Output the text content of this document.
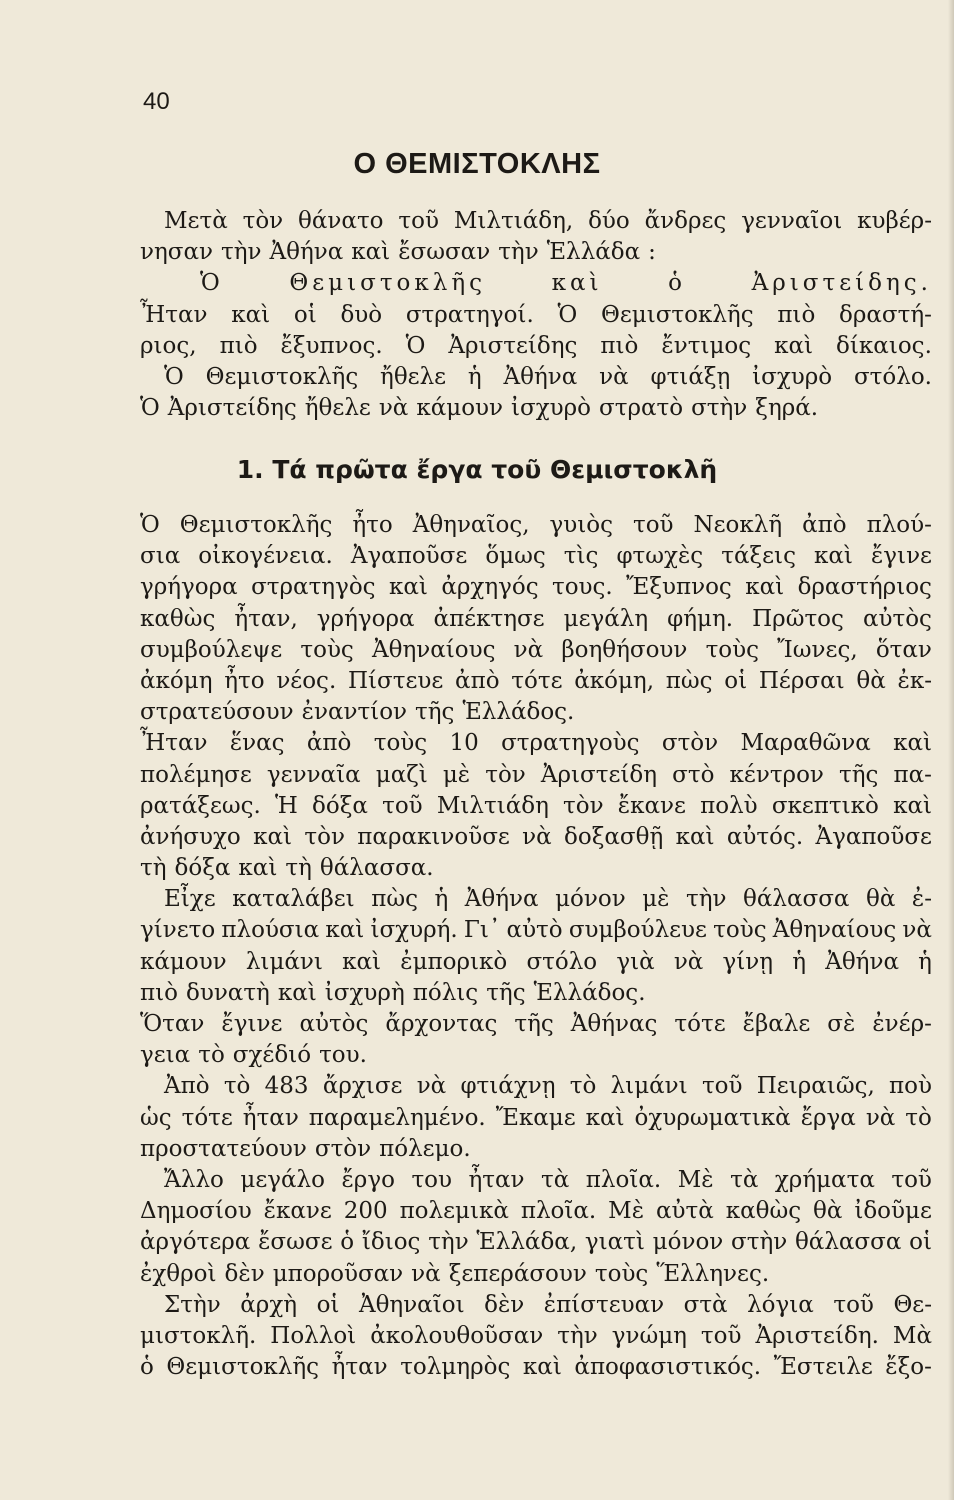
40
Ο ΘΕΜΙΣΤΟΚΛΗΣ
Μετὰ τὸν θάνατο τοῦ Μιλτιάδη, δύο ἄνδρες γενναῖοι κυβέρ-
νησαν τὴν Ἀθήνα καὶ ἔσωσαν τὴν Ἑλλάδα :
Ὁ	Θεμιστοκλῆς	καὶ	ὁ	Ἀριστείδης.
Ἦταν καὶ οἱ δυὸ στρατηγοί. Ὁ Θεμιστοκλῆς πιὸ δραστή-
ριος, πιὸ ἔξυπνος. Ὁ Ἀριστείδης πιὸ ἔντιμος καὶ δίκαιος.
Ὁ Θεμιστοκλῆς ἤθελε ἡ Ἀθήνα νὰ φτιάξῃ ἰσχυρὸ στόλο.
Ὁ Ἀριστείδης ἤθελε νὰ κάμουν ἰσχυρὸ στρατὸ στὴν ξηρά.
1. Τά πρῶτα ἔργα τοῦ Θεμιστοκλῆ
Ὁ Θεμιστοκλῆς ἦτο Ἀθηναῖος, γυιὸς τοῦ Νεοκλῆ ἀπὸ πλού-
σια οἰκογένεια. Ἀγαποῦσε ὅμως τὶς φτωχὲς τάξεις καὶ ἔγινε
γρήγορα στρατηγὸς καὶ ἀρχηγός τους. Ἔξυπνος καὶ δραστήριος
καθὼς ἦταν, γρήγορα ἀπέκτησε μεγάλη φήμη. Πρῶτος αὐτὸς
συμβούλεψε τοὺς Ἀθηναίους νὰ βοηθήσουν τοὺς Ἴωνες, ὅταν
ἀκόμη ἦτο νέος. Πίστευε ἀπὸ τότε ἀκόμη, πὼς οἱ Πέρσαι θὰ ἐκ-
στρατεύσουν ἐναντίον τῆς Ἑλλάδος.
Ἦταν ἕνας ἀπὸ τοὺς 10 στρατηγοὺς στὸν Μαραθῶνα καὶ
πολέμησε γενναῖα μαζὶ μὲ τὸν Ἀριστείδη στὸ κέντρον τῆς πα-
ρατάξεως. Ἡ δόξα τοῦ Μιλτιάδη τὸν ἔκανε πολὺ σκεπτικὸ καὶ
ἀνήσυχο καὶ τὸν παρακινοῦσε νὰ δοξασθῇ καὶ αὐτός. Ἀγαποῦσε
τὴ δόξα καὶ τὴ θάλασσα.
Εἶχε καταλάβει πὼς ἡ Ἀθήνα μόνον μὲ τὴν θάλασσα θὰ ἐ-
γίνετο πλούσια καὶ ἰσχυρή. Γι᾿ αὐτὸ συμβούλευε τοὺς Ἀθηναίους νὰ
κάμουν λιμάνι καὶ ἐμπορικὸ στόλο γιὰ νὰ γίνῃ ἡ Ἀθήνα ἡ
πιὸ δυνατὴ καὶ ἰσχυρὴ πόλις τῆς Ἑλλάδος.
Ὅταν ἔγινε αὐτὸς ἄρχοντας τῆς Ἀθήνας τότε ἔβαλε σὲ ἐνέρ-
γεια τὸ σχέδιό του.
Ἀπὸ τὸ 483 ἄρχισε νὰ φτιάχνῃ τὸ λιμάνι τοῦ Πειραιῶς, ποὺ
ὡς τότε ἦταν παραμελημένο. Ἔκαμε καὶ ὀχυρωματικὰ ἔργα νὰ τὸ
προστατεύουν στὸν πόλεμο.
Ἄλλο μεγάλο ἔργο του ἦταν τὰ πλοῖα. Μὲ τὰ χρήματα τοῦ
Δημοσίου ἔκανε 200 πολεμικὰ πλοῖα. Μὲ αὐτὰ καθὼς θὰ ἰδοῦμε
ἀργότερα ἔσωσε ὁ ἴδιος τὴν Ἑλλάδα, γιατὶ μόνον στὴν θάλασσα οἱ
ἐχθροὶ δὲν μποροῦσαν νὰ ξεπεράσουν τοὺς Ἕλληνες.
Στὴν ἀρχὴ οἱ Ἀθηναῖοι δὲν ἐπίστευαν στὰ λόγια τοῦ Θε-
μιστοκλῆ. Πολλοὶ ἀκολουθοῦσαν τὴν γνώμη τοῦ Ἀριστείδη. Μὰ
ὁ Θεμιστοκλῆς ἦταν τολμηρὸς καὶ ἀποφασιστικός. Ἔστειλε ἔξο-
